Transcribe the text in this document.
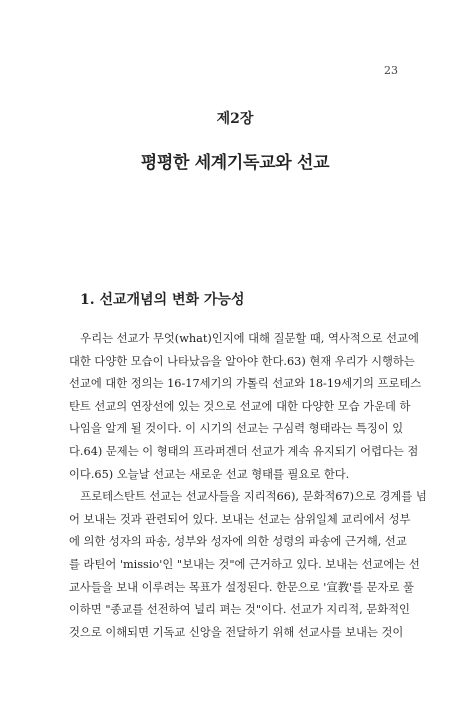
23
제2장
평평한 세계기독교와 선교
1. 선교개념의 변화 가능성
　우리는 선교가 무엇(what)인지에 대해 질문할 때, 역사적으로 선교에
대한 다양한 모습이 나타났음을 알아야 한다.63) 현재 우리가 시행하는
선교에 대한 정의는 16-17세기의 가톨릭 선교와 18-19세기의 프로테스
탄트 선교의 연장선에 있는 것으로 선교에 대한 다양한 모습 가운데 하
나임을 알게 될 것이다. 이 시기의 선교는 구심력 형태라는 특징이 있
다.64) 문제는 이 형태의 프라퍼겐더 선교가 계속 유지되기 어렵다는 점
이다.65) 오늘날 선교는 새로운 선교 형태를 필요로 한다.
　프로테스탄트 선교는 선교사들을 지리적66), 문화적67)으로 경계를 넘
어 보내는 것과 관련되어 있다. 보내는 선교는 삼위일체 교리에서 성부
에 의한 성자의 파송, 성부와 성자에 의한 성령의 파송에 근거해, 선교
를 라틴어 'missio'인 "보내는 것"에 근거하고 있다. 보내는 선교에는 선
교사들을 보내 이루려는 목표가 설정된다. 한문으로 '宣教'를 문자로 풀
이하면 "종교를 선전하여 널리 펴는 것"이다. 선교가 지리적, 문화적인
것으로 이해되면 기독교 신앙을 전달하기 위해 선교사를 보내는 것이
